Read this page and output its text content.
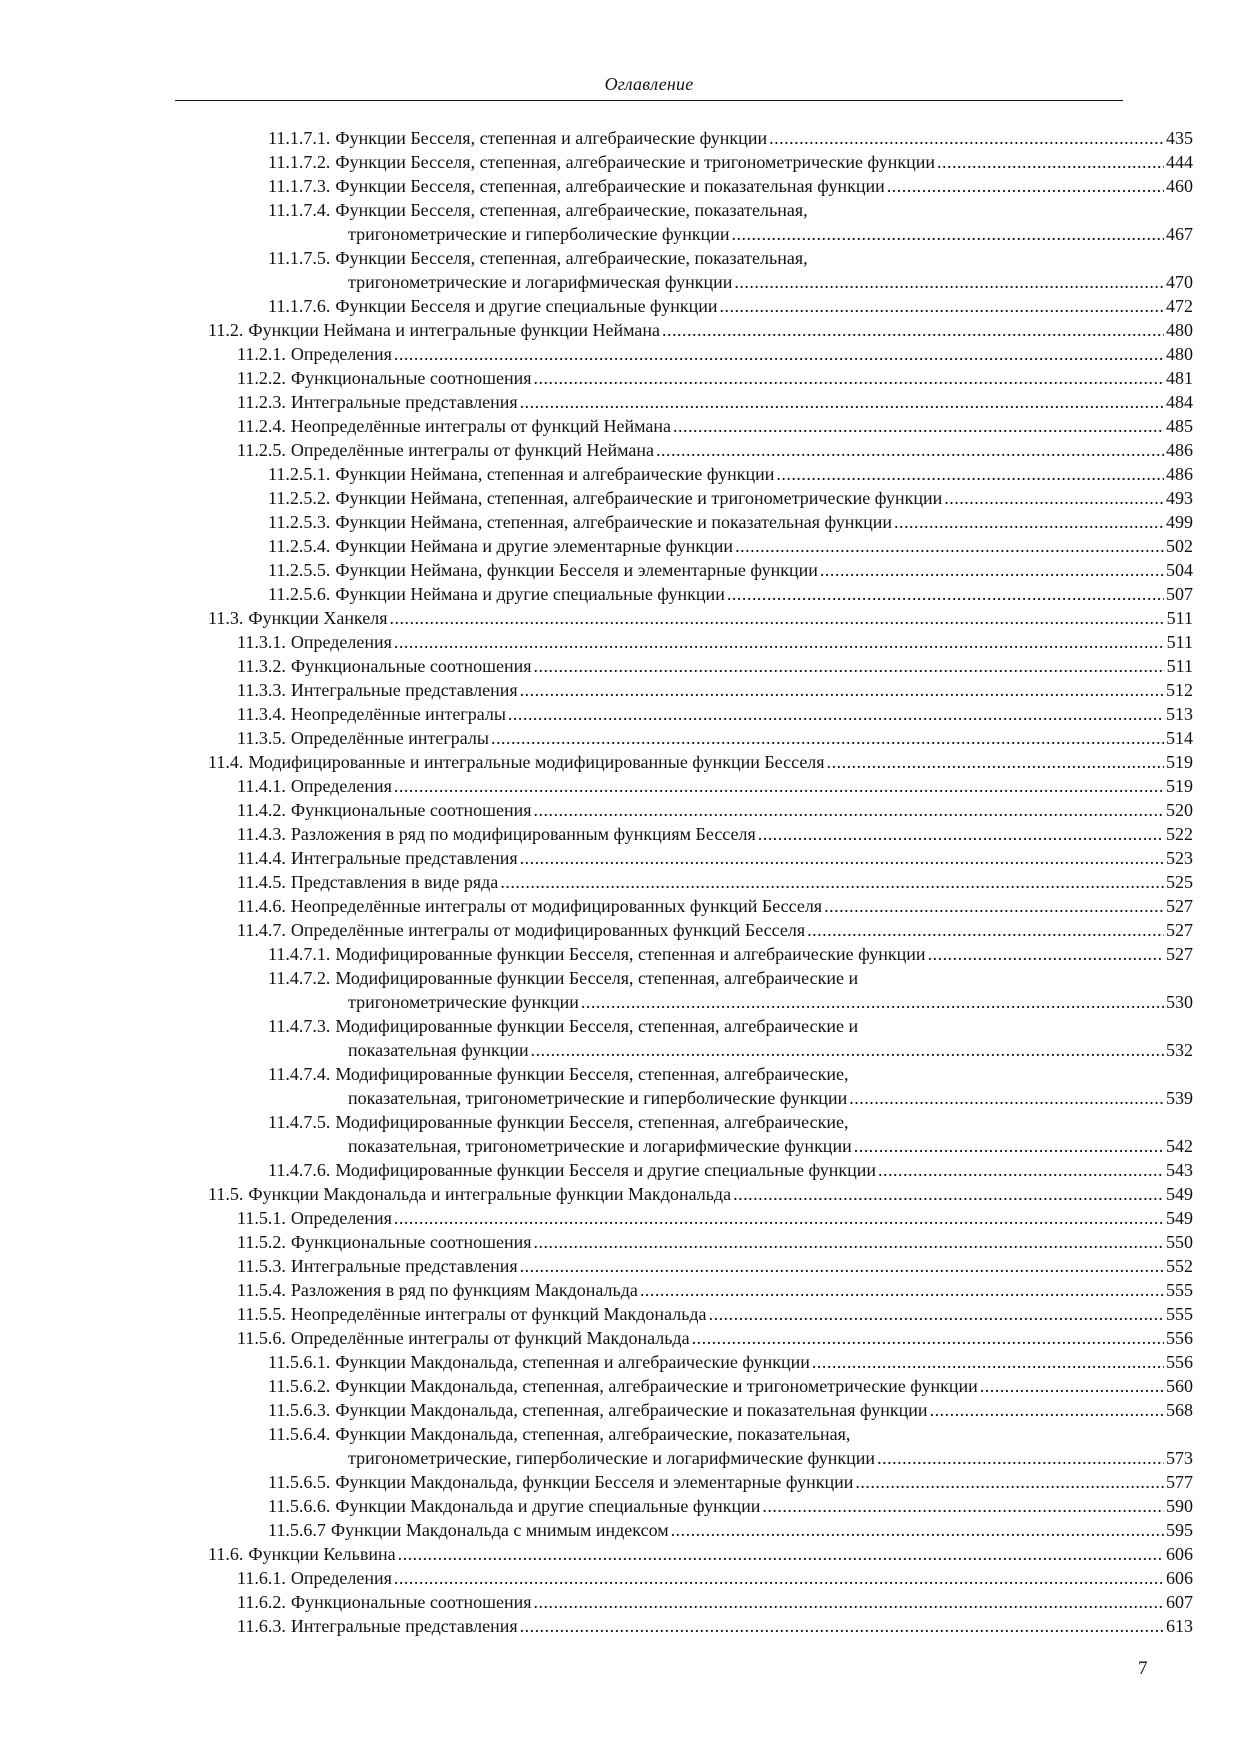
Оглавление
11.1.7.1. Функции Бесселя, степенная и алгебраические функции .....	435
11.1.7.2. Функции Бесселя, степенная, алгебраические и тригонометрические функции .....	444
11.1.7.3. Функции Бесселя, степенная, алгебраические и показательная функции .....	460
11.1.7.4. Функции Бесселя, степенная, алгебраические, показательная,
тригонометрические и гиперболические функции .....	467
11.1.7.5. Функции Бесселя, степенная, алгебраические, показательная,
тригонометрические и логарифмическая функции .....	470
11.1.7.6. Функции Бесселя и другие специальные функции .....	472
11.2. Функции Неймана и интегральные функции Неймана .....	480
11.2.1. Определения .....	480
11.2.2. Функциональные соотношения .....	481
11.2.3. Интегральные представления .....	484
11.2.4. Неопределённые интегралы от функций Неймана .....	485
11.2.5. Определённые интегралы от функций Неймана .....	486
11.2.5.1. Функции Неймана, степенная и алгебраические функции .....	486
11.2.5.2. Функции Неймана, степенная, алгебраические и тригонометрические функции .....	493
11.2.5.3. Функции Неймана, степенная, алгебраические и показательная функции .....	499
11.2.5.4. Функции Неймана и другие элементарные функции .....	502
11.2.5.5. Функции Неймана, функции Бесселя и элементарные функции .....	504
11.2.5.6. Функции Неймана и другие специальные функции .....	507
11.3. Функции Ханкеля .....	511
11.3.1. Определения .....	511
11.3.2. Функциональные соотношения .....	511
11.3.3. Интегральные представления .....	512
11.3.4. Неопределённые интегралы .....	513
11.3.5. Определённые интегралы .....	514
11.4. Модифицированные и интегральные модифицированные функции Бесселя .....	519
11.4.1. Определения .....	519
11.4.2. Функциональные соотношения .....	520
11.4.3. Разложения в ряд по модифицированным функциям Бесселя .....	522
11.4.4. Интегральные представления .....	523
11.4.5. Представления в виде ряда .....	525
11.4.6. Неопределённые интегралы от модифицированных функций Бесселя .....	527
11.4.7. Определённые интегралы от модифицированных функций Бесселя .....	527
11.4.7.1. Модифицированные функции Бесселя, степенная и алгебраические функции .....	527
11.4.7.2. Модифицированные функции Бесселя, степенная, алгебраические и
тригонометрические функции .....	530
11.4.7.3. Модифицированные функции Бесселя, степенная, алгебраические и
показательная функции .....	532
11.4.7.4. Модифицированные функции Бесселя, степенная, алгебраические,
показательная, тригонометрические и гиперболические функции .....	539
11.4.7.5. Модифицированные функции Бесселя, степенная, алгебраические,
показательная, тригонометрические и логарифмические функции .....	542
11.4.7.6. Модифицированные функции Бесселя и другие специальные функции .....	543
11.5. Функции Макдональда и интегральные функции Макдональда .....	549
11.5.1. Определения .....	549
11.5.2. Функциональные соотношения .....	550
11.5.3. Интегральные представления .....	552
11.5.4. Разложения в ряд по функциям Макдональда .....	555
11.5.5. Неопределённые интегралы от функций Макдональда .....	555
11.5.6. Определённые интегралы от функций Макдональда .....	556
11.5.6.1. Функции Макдональда, степенная и алгебраические функции .....	556
11.5.6.2. Функции Макдональда, степенная, алгебраические и тригонометрические функции .....	560
11.5.6.3. Функции Макдональда, степенная, алгебраические и показательная функции .....	568
11.5.6.4. Функции Макдональда, степенная, алгебраические, показательная,
тригонометрические, гиперболические и логарифмические функции .....	573
11.5.6.5. Функции Макдональда, функции Бесселя и элементарные функции .....	577
11.5.6.6. Функции Макдональда и другие специальные функции .....	590
11.5.6.7 Функции Макдональда с мнимым индексом .....	595
11.6. Функции Кельвина .....	606
11.6.1. Определения .....	606
11.6.2. Функциональные соотношения .....	607
11.6.3. Интегральные представления .....	613
7
